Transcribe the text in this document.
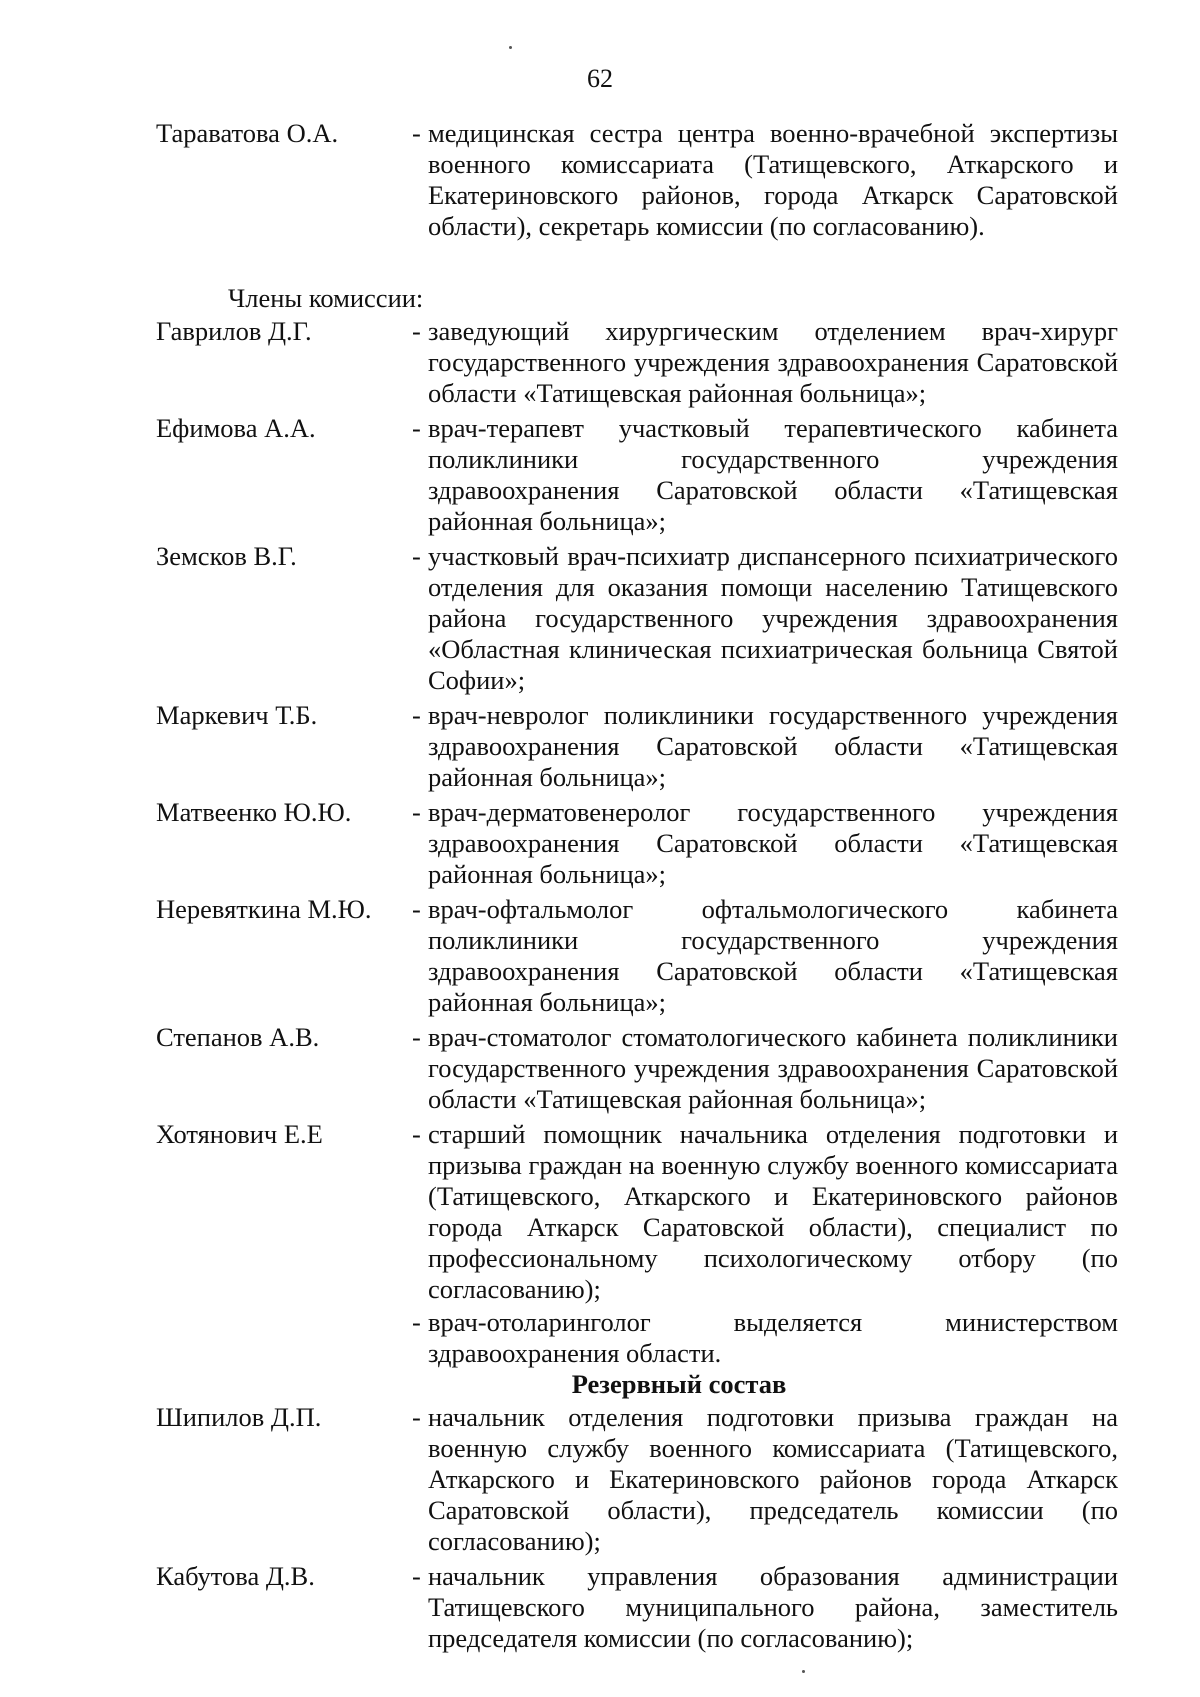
62
Тараватова О.А.	- медицинская сестра центра военно-врачебной экспертизы военного комиссариата (Татищевского, Аткарского и Екатериновского районов, города Аткарск Саратовской области), секретарь комиссии (по согласованию).
Члены комиссии:
Гаврилов Д.Г.	- заведующий хирургическим отделением врач-хирург государственного учреждения здравоохранения Саратовской области «Татищевская районная больница»;
Ефимова А.А.	- врач-терапевт участковый терапевтического кабинета поликлиники государственного учреждения здравоохранения Саратовской области «Татищевская районная больница»;
Земсков В.Г.	- участковый врач-психиатр диспансерного психиатрического отделения для оказания помощи населению Татищевского района государственного учреждения здравоохранения «Областная клиническая психиатрическая больница Святой Софии»;
Маркевич Т.Б.	- врач-невролог поликлиники государственного учреждения здравоохранения Саратовской области «Татищевская районная больница»;
Матвеенко Ю.Ю.	- врач-дерматовенеролог государственного учреждения здравоохранения Саратовской области «Татищевская районная больница»;
Неревяткина М.Ю.	- врач-офтальмолог офтальмологического кабинета поликлиники государственного учреждения здравоохранения Саратовской области «Татищевская районная больница»;
Степанов А.В.	- врач-стоматолог стоматологического кабинета поликлиники государственного учреждения здравоохранения Саратовской области «Татищевская районная больница»;
Хотянович Е.Е	- старший помощник начальника отделения подготовки и призыва граждан на военную службу военного комиссариата (Татищевского, Аткарского и Екатериновского районов города Аткарск Саратовской области), специалист по профессиональному психологическому отбору (по согласованию);
- врач-отоларинголог выделяется министерством здравоохранения области.
Резервный состав
Шипилов Д.П.	- начальник отделения подготовки призыва граждан на военную службу военного комиссариата (Татищевского, Аткарского и Екатериновского районов города Аткарск Саратовской области), председатель комиссии (по согласованию);
Кабутова Д.В.	- начальник управления образования администрации Татищевского муниципального района, заместитель председателя комиссии (по согласованию);
